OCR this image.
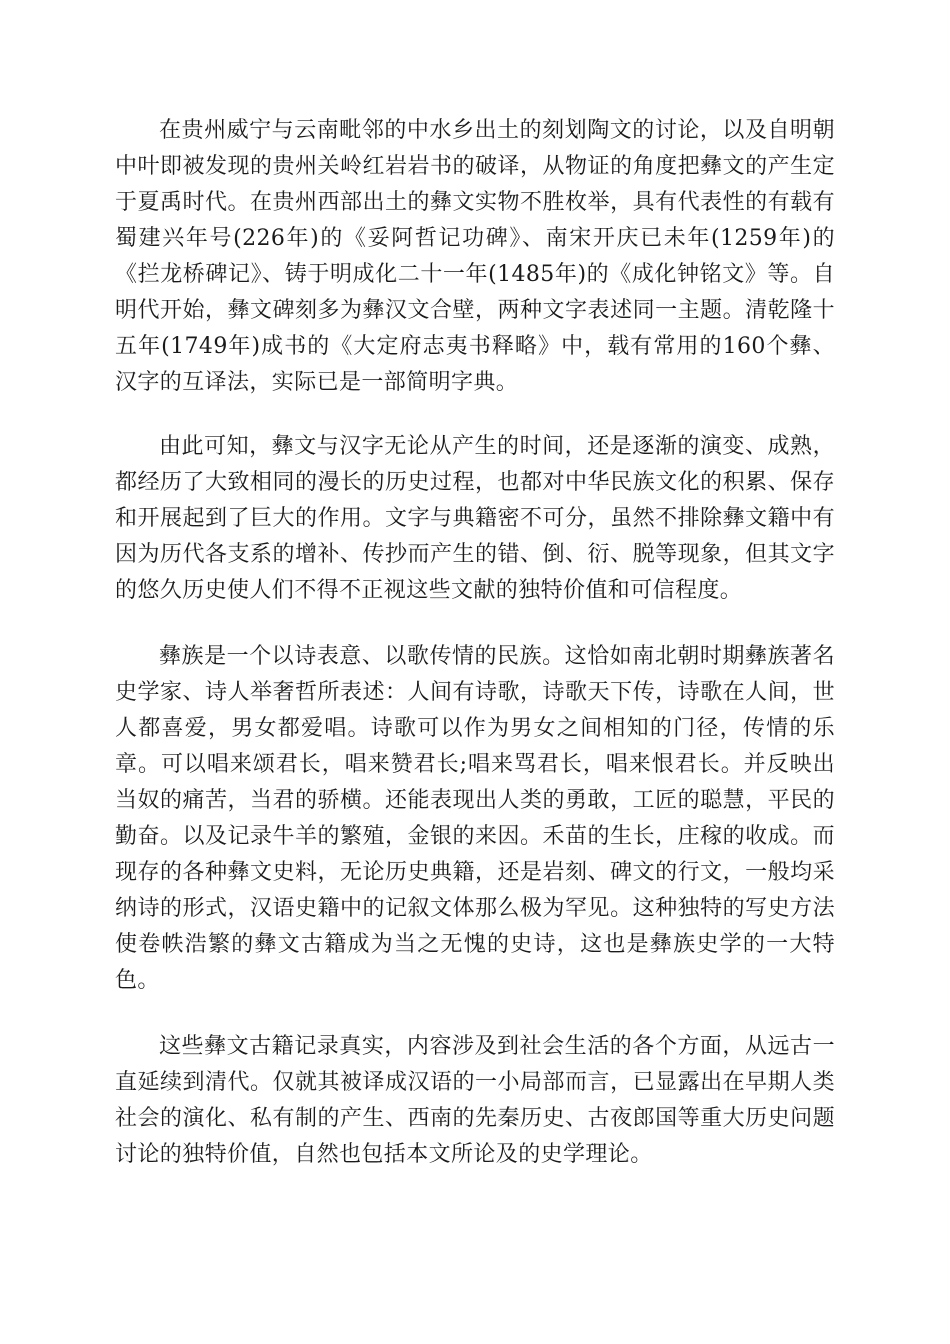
在贵州威宁与云南毗邻的中水乡出土的刻划陶文的讨论，以及自明朝中叶即被发现的贵州关岭红岩岩书的破译，从物证的角度把彝文的产生定于夏禹时代。在贵州西部出土的彝文实物不胜枚举，具有代表性的有载有蜀建兴年号(226年)的《妥阿哲记功碑》、南宋开庆已未年(1259年)的《拦龙桥碑记》、铸于明成化二十一年(1485年)的《成化钟铭文》等。自明代开始，彝文碑刻多为彝汉文合壁，两种文字表述同一主题。清乾隆十五年(1749年)成书的《大定府志夷书释略》中，载有常用的160个彝、汉字的互译法，实际已是一部简明字典。

由此可知，彝文与汉字无论从产生的时间，还是逐渐的演变、成熟，都经历了大致相同的漫长的历史过程，也都对中华民族文化的积累、保存和开展起到了巨大的作用。文字与典籍密不可分，虽然不排除彝文籍中有因为历代各支系的增补、传抄而产生的错、倒、衍、脱等现象，但其文字的悠久历史使人们不得不正视这些文献的独特价值和可信程度。

彝族是一个以诗表意、以歌传情的民族。这恰如南北朝时期彝族著名史学家、诗人举奢哲所表述：人间有诗歌，诗歌天下传，诗歌在人间，世人都喜爱，男女都爱唱。诗歌可以作为男女之间相知的门径，传情的乐章。可以唱来颂君长，唱来赞君长;唱来骂君长，唱来恨君长。并反映出当奴的痛苦，当君的骄横。还能表现出人类的勇敢，工匠的聪慧，平民的勤奋。以及记录牛羊的繁殖，金银的来因。禾苗的生长，庄稼的收成。而现存的各种彝文史料，无论历史典籍，还是岩刻、碑文的行文，一般均采纳诗的形式，汉语史籍中的记叙文体那么极为罕见。这种独特的写史方法使卷帙浩繁的彝文古籍成为当之无愧的史诗，这也是彝族史学的一大特色。

这些彝文古籍记录真实，内容涉及到社会生活的各个方面，从远古一直延续到清代。仅就其被译成汉语的一小局部而言，已显露出在早期人类社会的演化、私有制的产生、西南的先秦历史、古夜郎国等重大历史问题讨论的独特价值，自然也包括本文所论及的史学理论。
